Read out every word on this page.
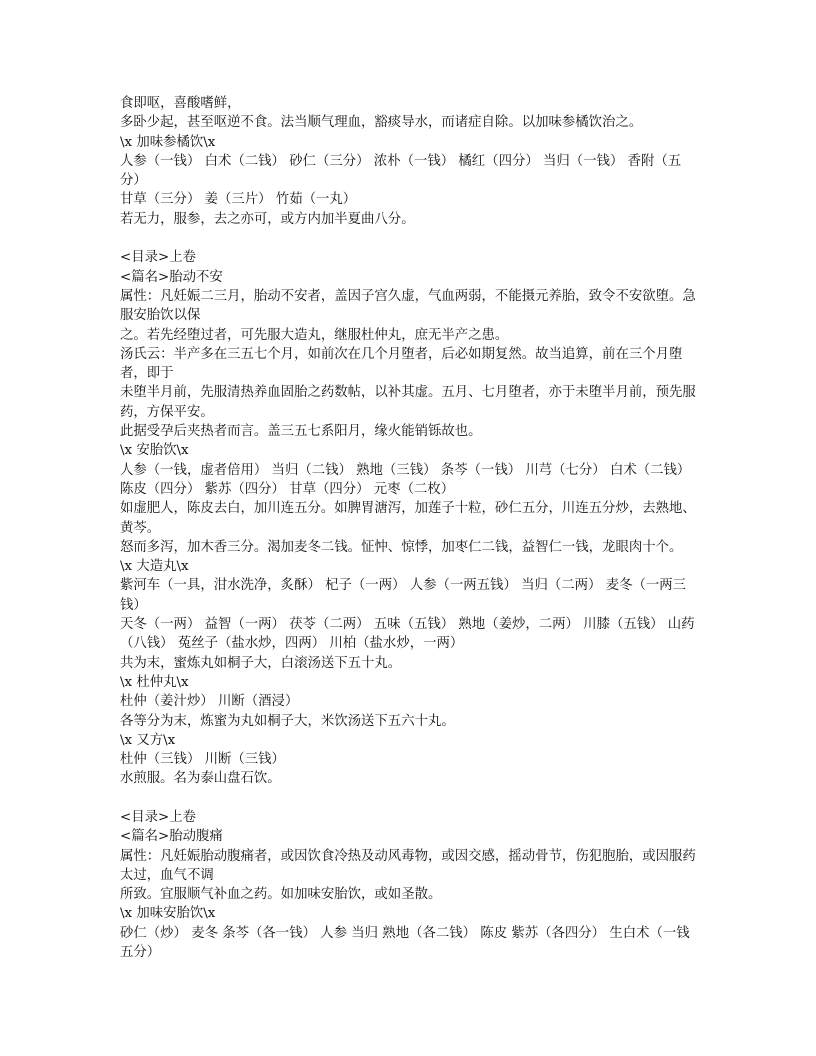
食即呕，喜酸嗜鲜，

多卧少起，甚至呕逆不食。法当顺气理血，豁痰导水，而诸症自除。以加味参橘饮治之。

\x 加味参橘饮\x

人参（一钱） 白术（二钱） 砂仁（三分） 浓朴（一钱） 橘红（四分） 当归（一钱） 香附（五分）

甘草（三分） 姜（三片） 竹茹（一丸）

若无力，服参，去之亦可，或方内加半夏曲八分。

<目录>上卷

<篇名>胎动不安

属性：凡妊娠二三月，胎动不安者，盖因子宫久虚，气血两弱，不能摄元养胎，致令不安欲堕。急服安胎饮以保

之。若先经堕过者，可先服大造丸，继服杜仲丸，庶无半产之患。

汤氏云：半产多在三五七个月，如前次在几个月堕者，后必如期复然。故当追算，前在三个月堕者，即于

未堕半月前，先服清热养血固胎之药数帖，以补其虚。五月、七月堕者，亦于未堕半月前，预先服药，方保平安。

此据受孕后夹热者而言。盖三五七系阳月，缘火能销铄故也。

\x 安胎饮\x

人参（一钱，虚者倍用） 当归（二钱） 熟地（三钱） 条芩（一钱） 川芎（七分） 白术（二钱）

陈皮（四分） 紫苏（四分） 甘草（四分） 元枣（二枚）

如虚肥人，陈皮去白，加川连五分。如脾胃溏泻，加莲子十粒，砂仁五分，川连五分炒，去熟地、黄芩。

怒而多泻，加木香三分。渴加麦冬二钱。怔忡、惊悸，加枣仁二钱，益智仁一钱，龙眼肉十个。

\x 大造丸\x

紫河车（一具，泔水洗净，炙酥） 杞子（一两） 人参（一两五钱） 当归（二两） 麦冬（一两三钱）

天冬（一两） 益智（一两） 茯苓（二两） 五味（五钱） 熟地（姜炒，二两） 川膝（五钱） 山药

（八钱） 菟丝子（盐水炒，四两） 川柏（盐水炒，一两）

共为末，蜜炼丸如桐子大，白滚汤送下五十丸。

\x 杜仲丸\x

杜仲（姜汁炒） 川断（酒浸）

各等分为末，炼蜜为丸如桐子大，米饮汤送下五六十丸。

\x 又方\x

杜仲（三钱） 川断（三钱）

水煎服。名为泰山盘石饮。

<目录>上卷

<篇名>胎动腹痛

属性：凡妊娠胎动腹痛者，或因饮食冷热及动风毒物，或因交感，摇动骨节，伤犯胞胎，或因服药太过，血气不调

所致。宜服顺气补血之药。如加味安胎饮，或如圣散。

\x 加味安胎饮\x

砂仁（炒） 麦冬 条芩（各一钱） 人参 当归 熟地（各二钱） 陈皮 紫苏（各四分） 生白术（一钱五分）
